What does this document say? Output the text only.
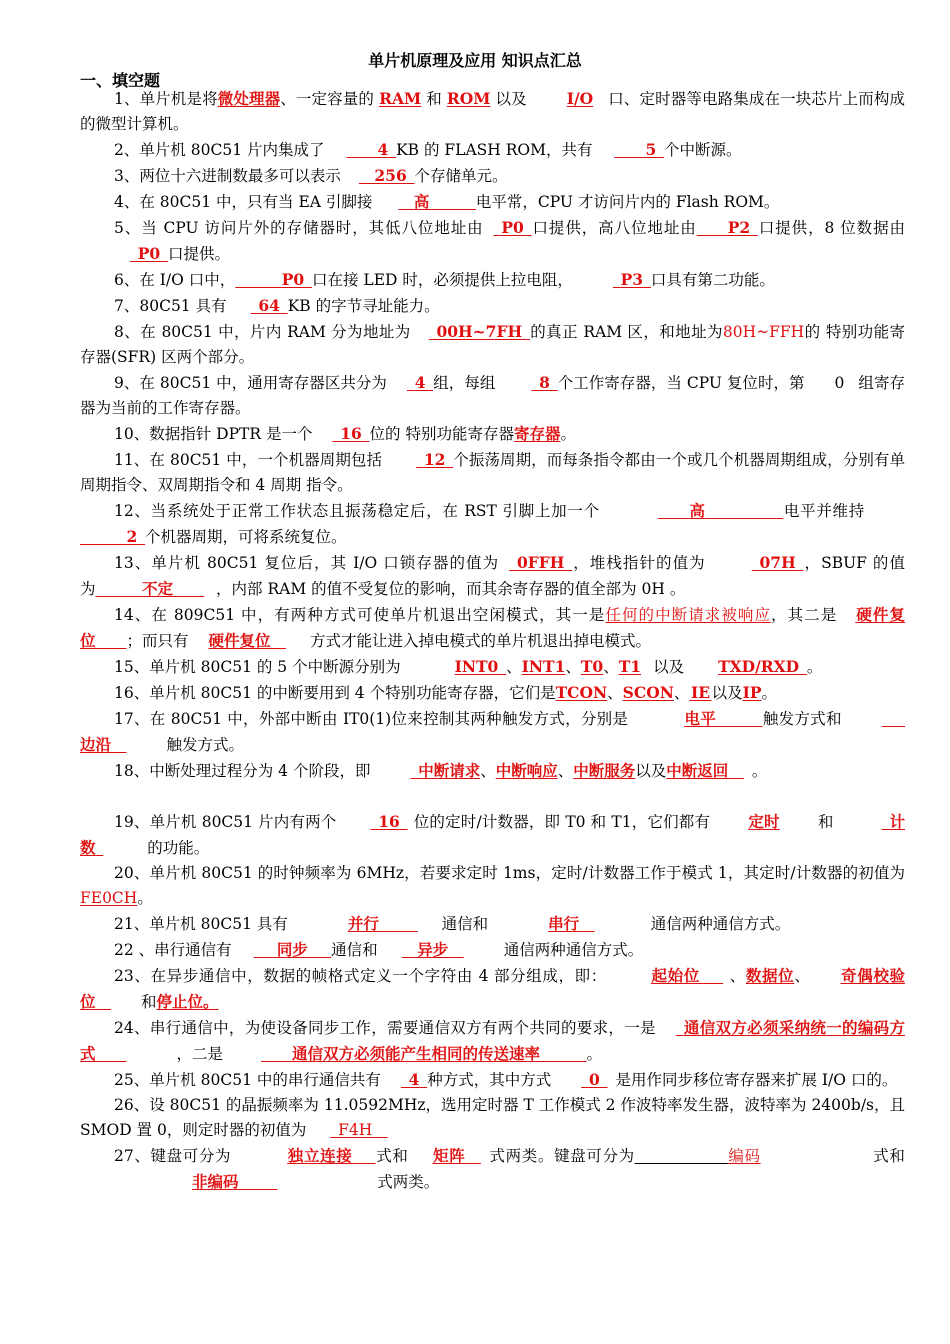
单片机原理及应用 知识点汇总
一、填空题

1、单片机是将微处理器、一定容量的 RAM 和 ROM 以及	I/O 口、定时器等电路集成在一块芯片上而构成的微型计算机。

2、单片机 80C51 片内集成了  	4  KB 的 FLASH ROM，共有  	5  个中断源。

3、两位十六进制数最多可以表示  256  个存储单元。

4、在 80C51 中，只有当 EA 引脚接 	高   	电平常，CPU 才访问片内的 Flash ROM。

5、当 CPU 访问片外的存储器时，其低八位地址由  P0  口提供，高八位地址由   P2  口提供，8 位数据由 P0  口提供。

6、在 I/O 口中，   	P0  口在接 LED 时，必须提供上拉电阻， 	P3  口具有第二功能。

7、80C51 具有  64  KB 的字节寻址能力。

8、在 80C51 中，片内 RAM 分为地址为  00H~7FH  的真正 RAM 区，和地址为80H~FFH的 特别功能寄存器(SFR) 区两个部分。

9、在 80C51 中，通用寄存器区共分为  4  组，每组 	8  个工作寄存器，当 CPU 复位时，第 0 组寄存器为当前的工作寄存器。

10、数据指针 DPTR 是一个  16  位的 特别功能寄存器寄存器。

11、在 80C51 中，一个机器周期包括 	12  个振荡周期，而每条指令都由一个或几个机器周期组成，分别有单周期指令、双周期指令和 4 周期 指令。

12、当系统处于正常工作状态且振荡稳定后，在 RST 引脚上加一个  	高     	电平并维持   2  个机器周期，可将系统复位。

13、单片机 80C51 复位后，其 I/O 口锁存器的值为  0FFH  ，堆栈指针的值为 	07H  ，SBUF 的值为   	不定  	，内部 RAM 的值不受复位的影响，而其余寄存器的值全部为 0H 。

14、在 809C51 中，有两种方式可使单片机退出空闲模式，其一是任何的中断请求被响应，其二是 硬件复位   ；而只有 硬件复位 	方式才能让进入掉电模式的单片机退出掉电模式。

15、单片机 80C51 的 5 个中断源分别为	INT0  、INT1、T0、T1 以及 TXD/RXD  。

16、单片机 80C51 的中断要用到 4 个特别功能寄存器，它们是TCON、SCON、 IE 以及IP。

17、在 80C51 中，外部中断由 IT0(1)位来控制其两种触发方式，分别是	电平   	触发方式和  边沿 	触发方式。

18、中断处理过程分为 4 个阶段，即 	中断请求、中断响应、中断服务以及中断返回  。

19、单片机 80C51 片内有两个 	16  位的定时/计数器，即 T0 和 T1，它们都有 定时 和 	计数 	的功能。

20、单片机 80C51 的时钟频率为 6MHz，若要求定时 1ms，定时/计数器工作于模式 1，其定时/计数器的初值为FE0CH。

21、单片机 80C51 具有	并行   	通信和	串行 	通信两种通信方式。

22 、串行通信有  	同步   通信和 	异步 	通信两种通信方式。

23、在异步通信中，数据的帧格式定义一个字符由 4 部分组成，即：	起始位   、数据位、 奇偶校验位 	和停止位。

24、串行通信中，为使设备同步工作，需要通信双方有两个共同的要求，一是  通信双方必须采纳统一的编码方式  	，二是  	通信双方必须能产生相同的传送速率   	。

25、单片机 80C51 中的串行通信共有  4  种方式，其中方式  0  是用作同步移位寄存器来扩展 I/O 口的。

26、设 80C51 的晶振频率为 11.0592MHz，选用定时器 T 工作模式 2 作波特率发生器，波特率为 2400b/s，且 SMOD 置 0，则定时器的初值为  F4H 

27、键盘可分为	独立连接   式和 矩阵  式两类。键盘可分为      	编码	式和非编码   	式两类。
